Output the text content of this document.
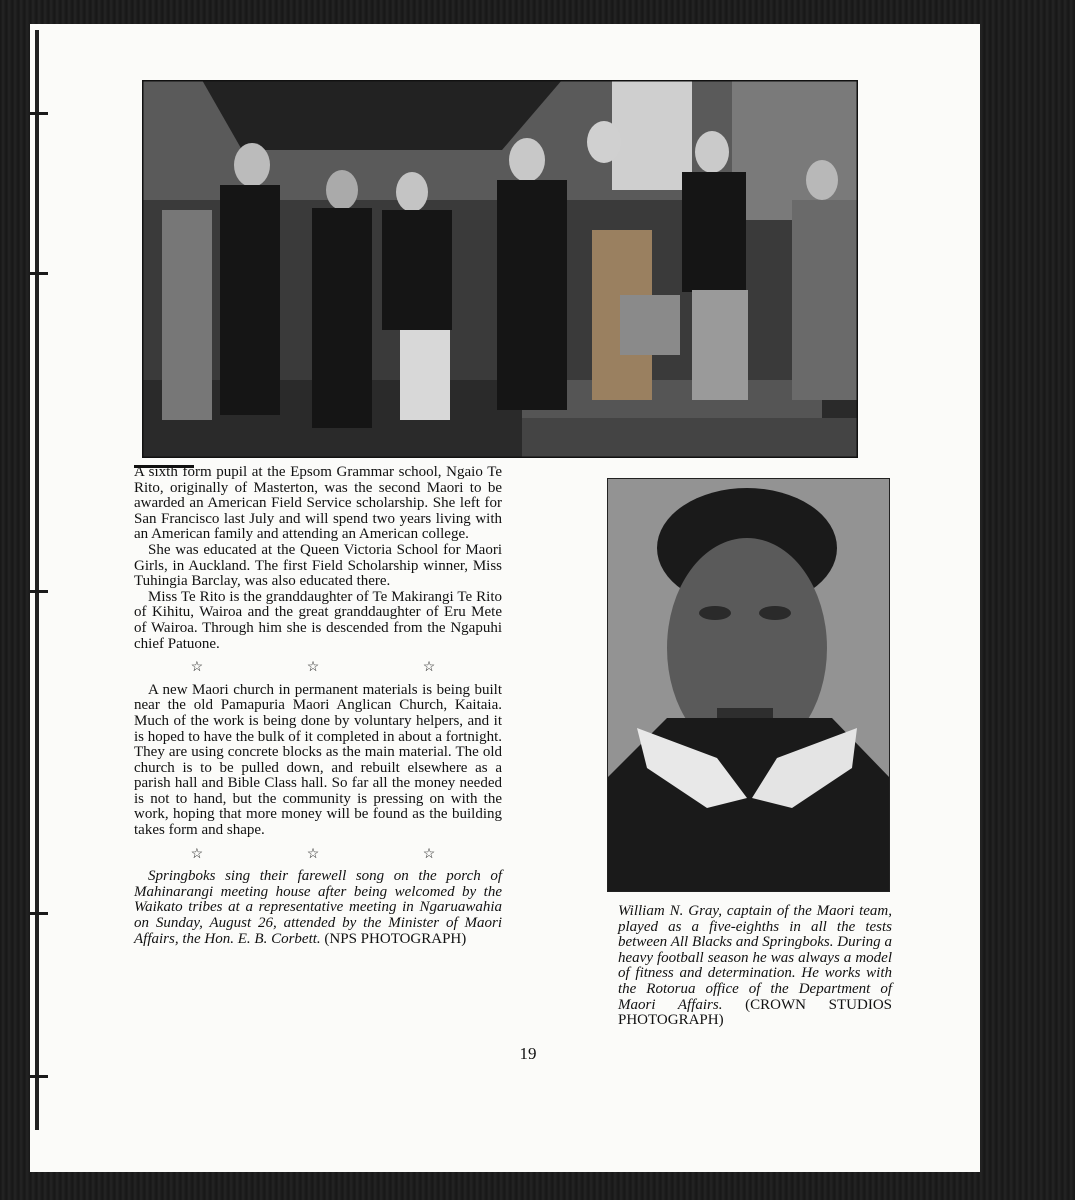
A sixth form pupil at the Epsom Grammar school, Ngaio Te Rito, originally of Masterton, was the second Maori to be awarded an American Field Service scholarship. She left for San Francisco last July and will spend two years living with an American family and attending an American college.

She was educated at the Queen Victoria School for Maori Girls, in Auckland. The first Field Scholarship winner, Miss Tuhingia Barclay, was also educated there.

Miss Te Rito is the granddaughter of Te Makirangi Te Rito of Kihitu, Wairoa and the great granddaughter of Eru Mete of Wairoa. Through him she is descended from the Ngapuhi chief Patuone.

☆ ☆ ☆

A new Maori church in permanent materials is being built near the old Pamapuria Maori Anglican Church, Kaitaia. Much of the work is being done by voluntary helpers, and it is hoped to have the bulk of it completed in about a fortnight. They are using concrete blocks as the main material. The old church is to be pulled down, and rebuilt elsewhere as a parish hall and Bible Class hall. So far all the money needed is not to hand, but the community is pressing on with the work, hoping that more money will be found as the building takes form and shape.

☆ ☆ ☆

Springboks sing their farewell song on the porch of Mahinarangi meeting house after being welcomed by the Waikato tribes at a representative meeting in Ngaruawahia on Sunday, August 26, attended by the Minister of Maori Affairs, the Hon. E. B. Corbett. (NPS PHOTOGRAPH)

William N. Gray, captain of the Maori team, played as a five-eighths in all the tests between All Blacks and Springboks. During a heavy football season he was always a model of fitness and determination. He works with the Rotorua office of the Department of Maori Affairs. (CROWN STUDIOS PHOTOGRAPH)

19
